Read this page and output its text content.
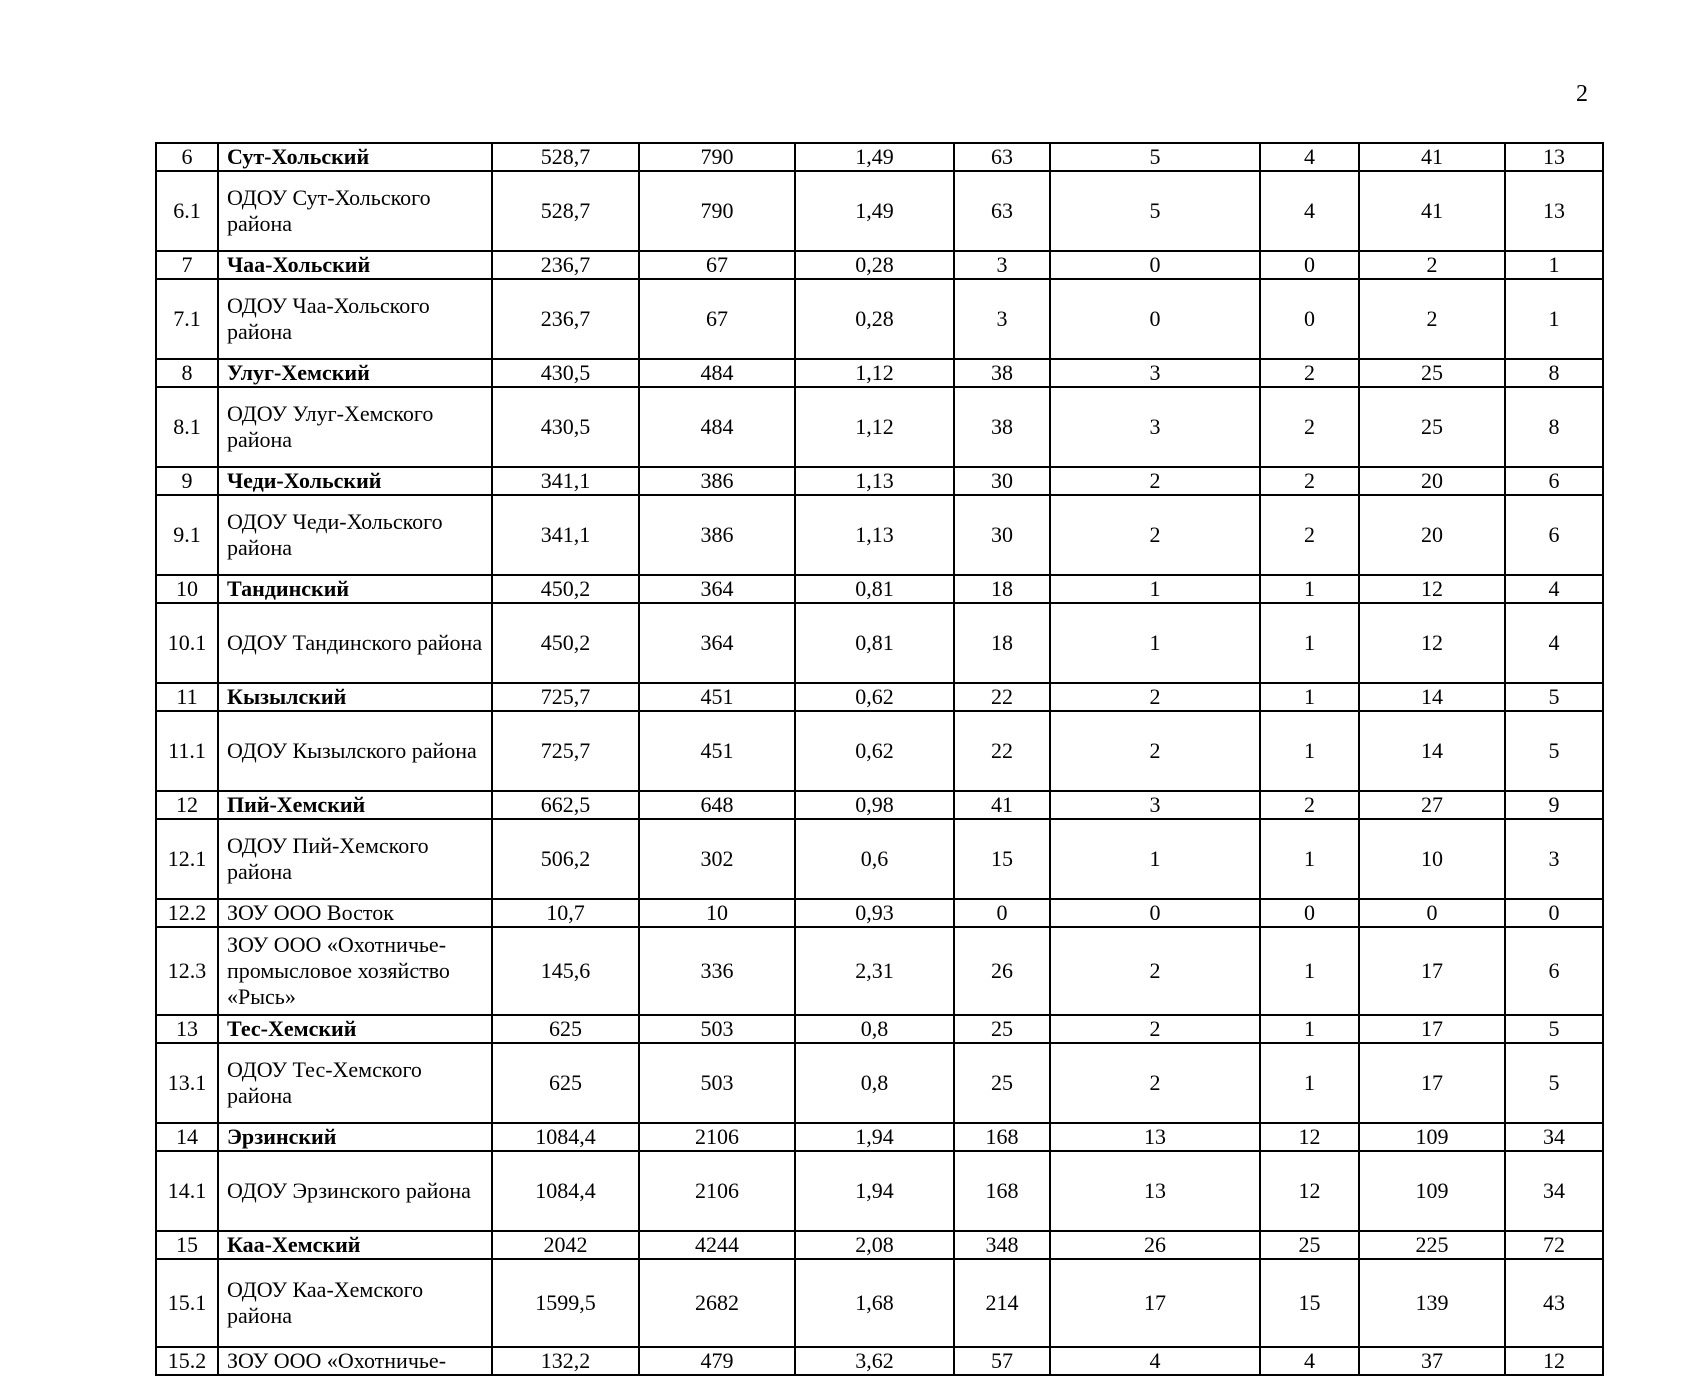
2
6	Сут-Хольский	528,7	790	1,49	63	5	4	41	13
6.1	ОДОУ Сут-Хольского района	528,7	790	1,49	63	5	4	41	13
7	Чаа-Хольский	236,7	67	0,28	3	0	0	2	1
7.1	ОДОУ Чаа-Хольского района	236,7	67	0,28	3	0	0	2	1
8	Улуг-Хемский	430,5	484	1,12	38	3	2	25	8
8.1	ОДОУ Улуг-Хемского района	430,5	484	1,12	38	3	2	25	8
9	Чеди-Хольский	341,1	386	1,13	30	2	2	20	6
9.1	ОДОУ Чеди-Хольского района	341,1	386	1,13	30	2	2	20	6
10	Тандинский	450,2	364	0,81	18	1	1	12	4
10.1	ОДОУ Тандинского района	450,2	364	0,81	18	1	1	12	4
11	Кызылский	725,7	451	0,62	22	2	1	14	5
11.1	ОДОУ Кызылского района	725,7	451	0,62	22	2	1	14	5
12	Пий-Хемский	662,5	648	0,98	41	3	2	27	9
12.1	ОДОУ Пий-Хемского района	506,2	302	0,6	15	1	1	10	3
12.2	ЗОУ ООО Восток	10,7	10	0,93	0	0	0	0	0
12.3	ЗОУ ООО «Охотничье-промысловое хозяйство «Рысь»	145,6	336	2,31	26	2	1	17	6
13	Тес-Хемский	625	503	0,8	25	2	1	17	5
13.1	ОДОУ Тес-Хемского района	625	503	0,8	25	2	1	17	5
14	Эрзинский	1084,4	2106	1,94	168	13	12	109	34
14.1	ОДОУ Эрзинского района	1084,4	2106	1,94	168	13	12	109	34
15	Каа-Хемский	2042	4244	2,08	348	26	25	225	72
15.1	ОДОУ Каа-Хемского района	1599,5	2682	1,68	214	17	15	139	43
15.2	ЗОУ ООО «Охотничье-	132,2	479	3,62	57	4	4	37	12
